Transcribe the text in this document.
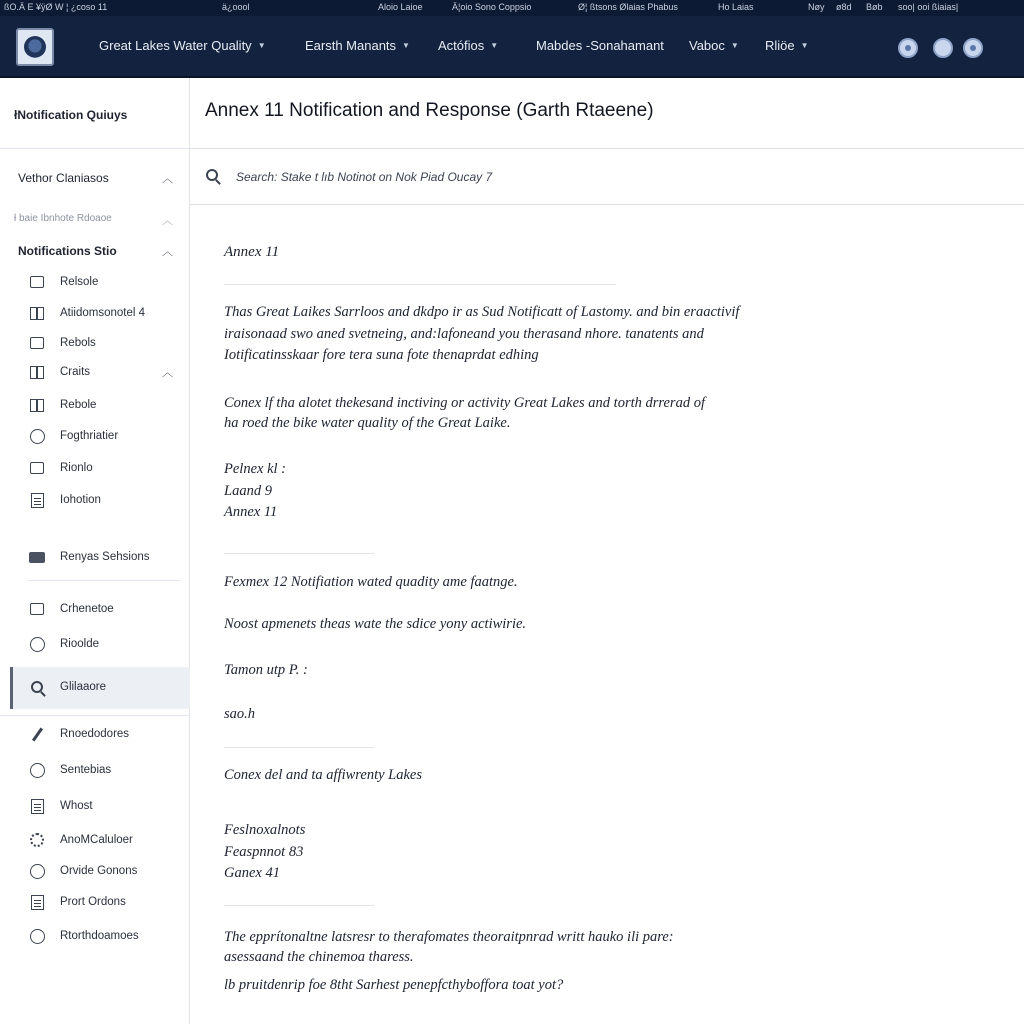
ßO.Ä E ¥ÿØ W ¦ ¿coso 11	ä¿oool	Aloio Laioe	Ä¦oio Sono Coppsio	Ø¦ ßtsons Ølaias Phabus	Ho Laias	Nøy ø8d Bøb soo| ooi ßiaias|
Great Lakes Water Quality ▼	Earsth Manants ▼ Actófios ▼	Mabdes -Sonahamant Vaboc ▼ Rliöe ▼
łNotification Quiuys
Vethor Claniasos	︿
ł baie Ibnhote Rdoaoe	︿
Notifications Stio	︿
Relsole
Atiidomsonotel 4
Rebols
Craits	︿
Rebole
Fogthriatier
Rionlo
Iohotion
Renyas Sehsions
Crhenetoe
Rioolde
Glilaaore
Rnoedodores
Sentebias
Whost
AnoMCaluloer
Orvide Gonons
Prort Ordons
Rtorthdoamoes
Annex 11 Notification and Response (Garth Rtaeene)
Search: Stake t lıb Notinot on Nok Piad Oucay 7
Annex 11
Thas Great Laikes Sarrloos and dkdpo ir as Sud Notificatt of Lastomy. and bin eraactivif
iraisonaad swo aned svetneing, and:lafoneand you therasand nhore. tanatents and
Iotificatinsskaar fore tera suna fote thenaprdat edhing
Conex lf tha alotet thekesand inctiving or activity Great Lakes and torth drrerad of
ha roed the bike water quality of the Great Laike.
Pelnex kl :
Laand 9
Annex 11
Fexmex 12 Notifiation wated quadity ame faatnge.
Noost apmenets theas wate the sdice yony actiwirie.
Tamon utp P. :
sao.h
Conex del and ta affiwrenty Lakes
Feslnoxalnots
Feaspnnot 83
Ganex 41
The epprítonaltne latsresr to therafomates theoraitpnrad writt hauko ili pare:
asessaand the chinemoa tharess.
lb pruitdenrip foe 8tht Sarhest penepfcthyboffora toat yot?
